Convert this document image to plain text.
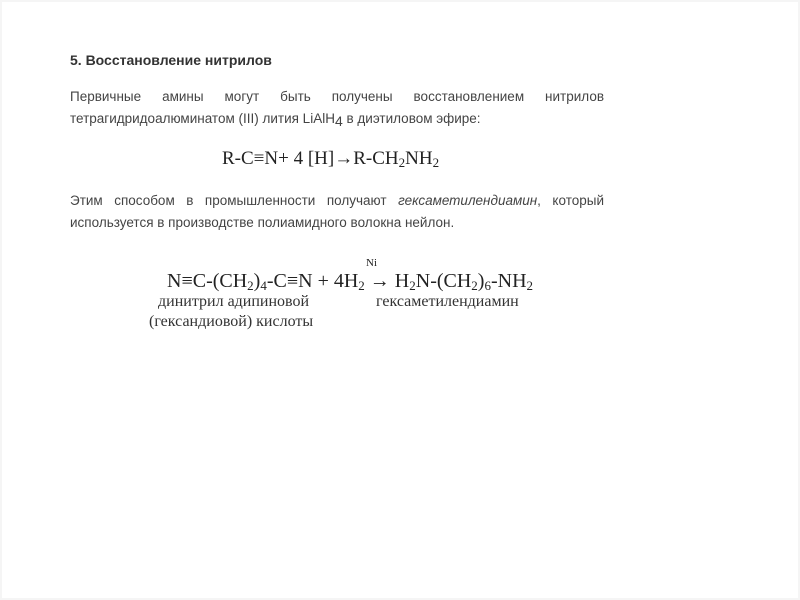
5. Восстановление нитрилов

Первичные амины могут быть получены восстановлением нитрилов тетрагидридоалюминатом (III) лития LiAlH4 в диэтиловом эфире:

R-C≡N+ 4 [H]→R-CH2NH2

Этим способом в промышленности получают гексаметилендиамин, который используется в производстве полиамидного волокна нейлон.

N≡C-(CH2)4-C≡N + 4H2 → H2N-(CH2)6-NH2

Ni
динитрил адипиновой	гексаметилендиамин
(гександиовой) кислоты
